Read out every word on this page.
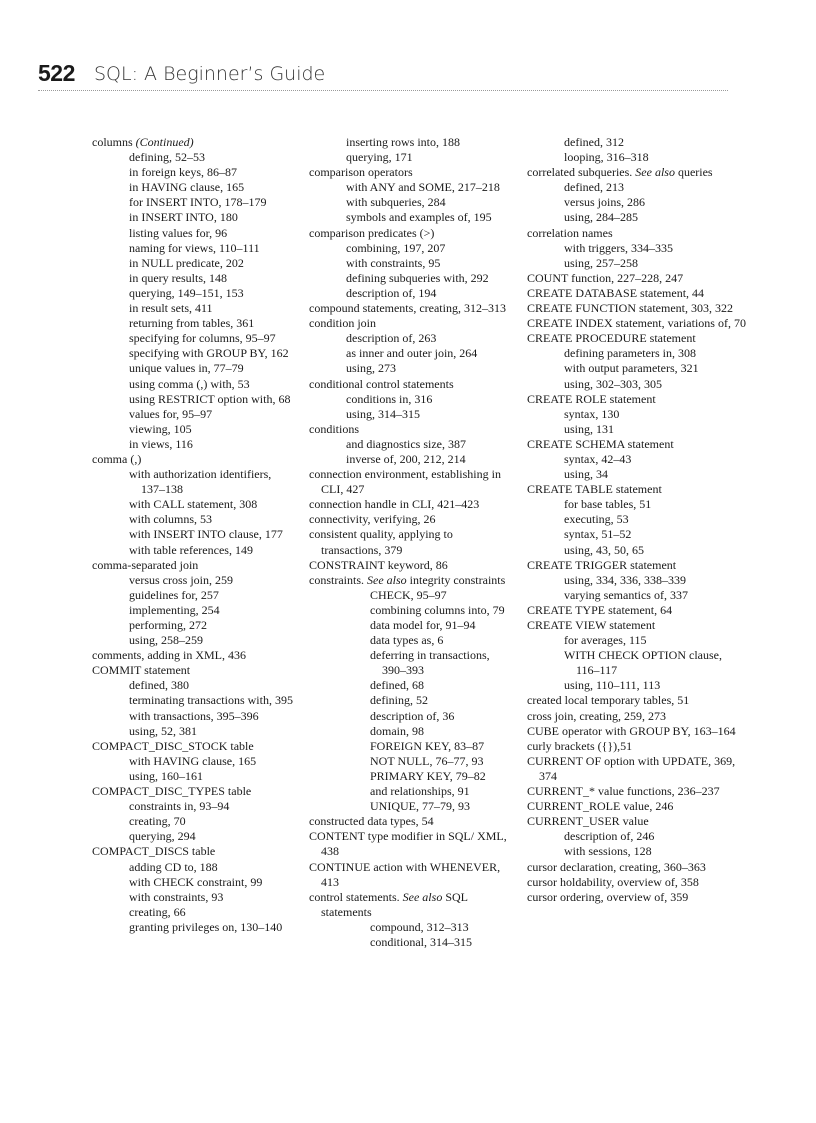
522 SQL: A Beginner’s Guide
columns (Continued)
defining, 52–53
in foreign keys, 86–87
in HAVING clause, 165
for INSERT INTO, 178–179
in INSERT INTO, 180
listing values for, 96
naming for views, 110–111
in NULL predicate, 202
in query results, 148
querying, 149–151, 153
in result sets, 411
returning from tables, 361
specifying for columns, 95–97
specifying with GROUP BY, 162
unique values in, 77–79
using comma (,) with, 53
using RESTRICT option with, 68
values for, 95–97
viewing, 105
in views, 116
comma (,)
with authorization identifiers, 137–138
with CALL statement, 308
with columns, 53
with INSERT INTO clause, 177
with table references, 149
comma-separated join
versus cross join, 259
guidelines for, 257
implementing, 254
performing, 272
using, 258–259
comments, adding in XML, 436
COMMIT statement
defined, 380
terminating transactions with, 395
with transactions, 395–396
using, 52, 381
COMPACT_DISC_STOCK table
with HAVING clause, 165
using, 160–161
COMPACT_DISC_TYPES table
constraints in, 93–94
creating, 70
querying, 294
COMPACT_DISCS table
adding CD to, 188
with CHECK constraint, 99
with constraints, 93
creating, 66
granting privileges on, 130–140
inserting rows into, 188
querying, 171
comparison operators
with ANY and SOME, 217–218
with subqueries, 284
symbols and examples of, 195
comparison predicates (>)
combining, 197, 207
with constraints, 95
defining subqueries with, 292
description of, 194
compound statements, creating, 312–313
condition join
description of, 263
as inner and outer join, 264
using, 273
conditional control statements
conditions in, 316
using, 314–315
conditions
and diagnostics size, 387
inverse of, 200, 212, 214
connection environment, establishing in CLI, 427
connection handle in CLI, 421–423
connectivity, verifying, 26
consistent quality, applying to transactions, 379
CONSTRAINT keyword, 86
constraints. See also integrity constraints
CHECK, 95–97
combining columns into, 79
data model for, 91–94
data types as, 6
deferring in transactions, 390–393
defined, 68
defining, 52
description of, 36
domain, 98
FOREIGN KEY, 83–87
NOT NULL, 76–77, 93
PRIMARY KEY, 79–82
and relationships, 91
UNIQUE, 77–79, 93
constructed data types, 54
CONTENT type modifier in SQL/ XML, 438
CONTINUE action with WHENEVER, 413
control statements. See also SQL statements
compound, 312–313
conditional, 314–315
defined, 312
looping, 316–318
correlated subqueries. See also queries
defined, 213
versus joins, 286
using, 284–285
correlation names
with triggers, 334–335
using, 257–258
COUNT function, 227–228, 247
CREATE DATABASE statement, 44
CREATE FUNCTION statement, 303, 322
CREATE INDEX statement, variations of, 70
CREATE PROCEDURE statement
defining parameters in, 308
with output parameters, 321
using, 302–303, 305
CREATE ROLE statement
syntax, 130
using, 131
CREATE SCHEMA statement
syntax, 42–43
using, 34
CREATE TABLE statement
for base tables, 51
executing, 53
syntax, 51–52
using, 43, 50, 65
CREATE TRIGGER statement
using, 334, 336, 338–339
varying semantics of, 337
CREATE TYPE statement, 64
CREATE VIEW statement
for averages, 115
WITH CHECK OPTION clause, 116–117
using, 110–111, 113
created local temporary tables, 51
cross join, creating, 259, 273
CUBE operator with GROUP BY, 163–164
curly brackets ({}),51
CURRENT OF option with UPDATE, 369, 374
CURRENT_* value functions, 236–237
CURRENT_ROLE value, 246
CURRENT_USER value
description of, 246
with sessions, 128
cursor declaration, creating, 360–363
cursor holdability, overview of, 358
cursor ordering, overview of, 359
